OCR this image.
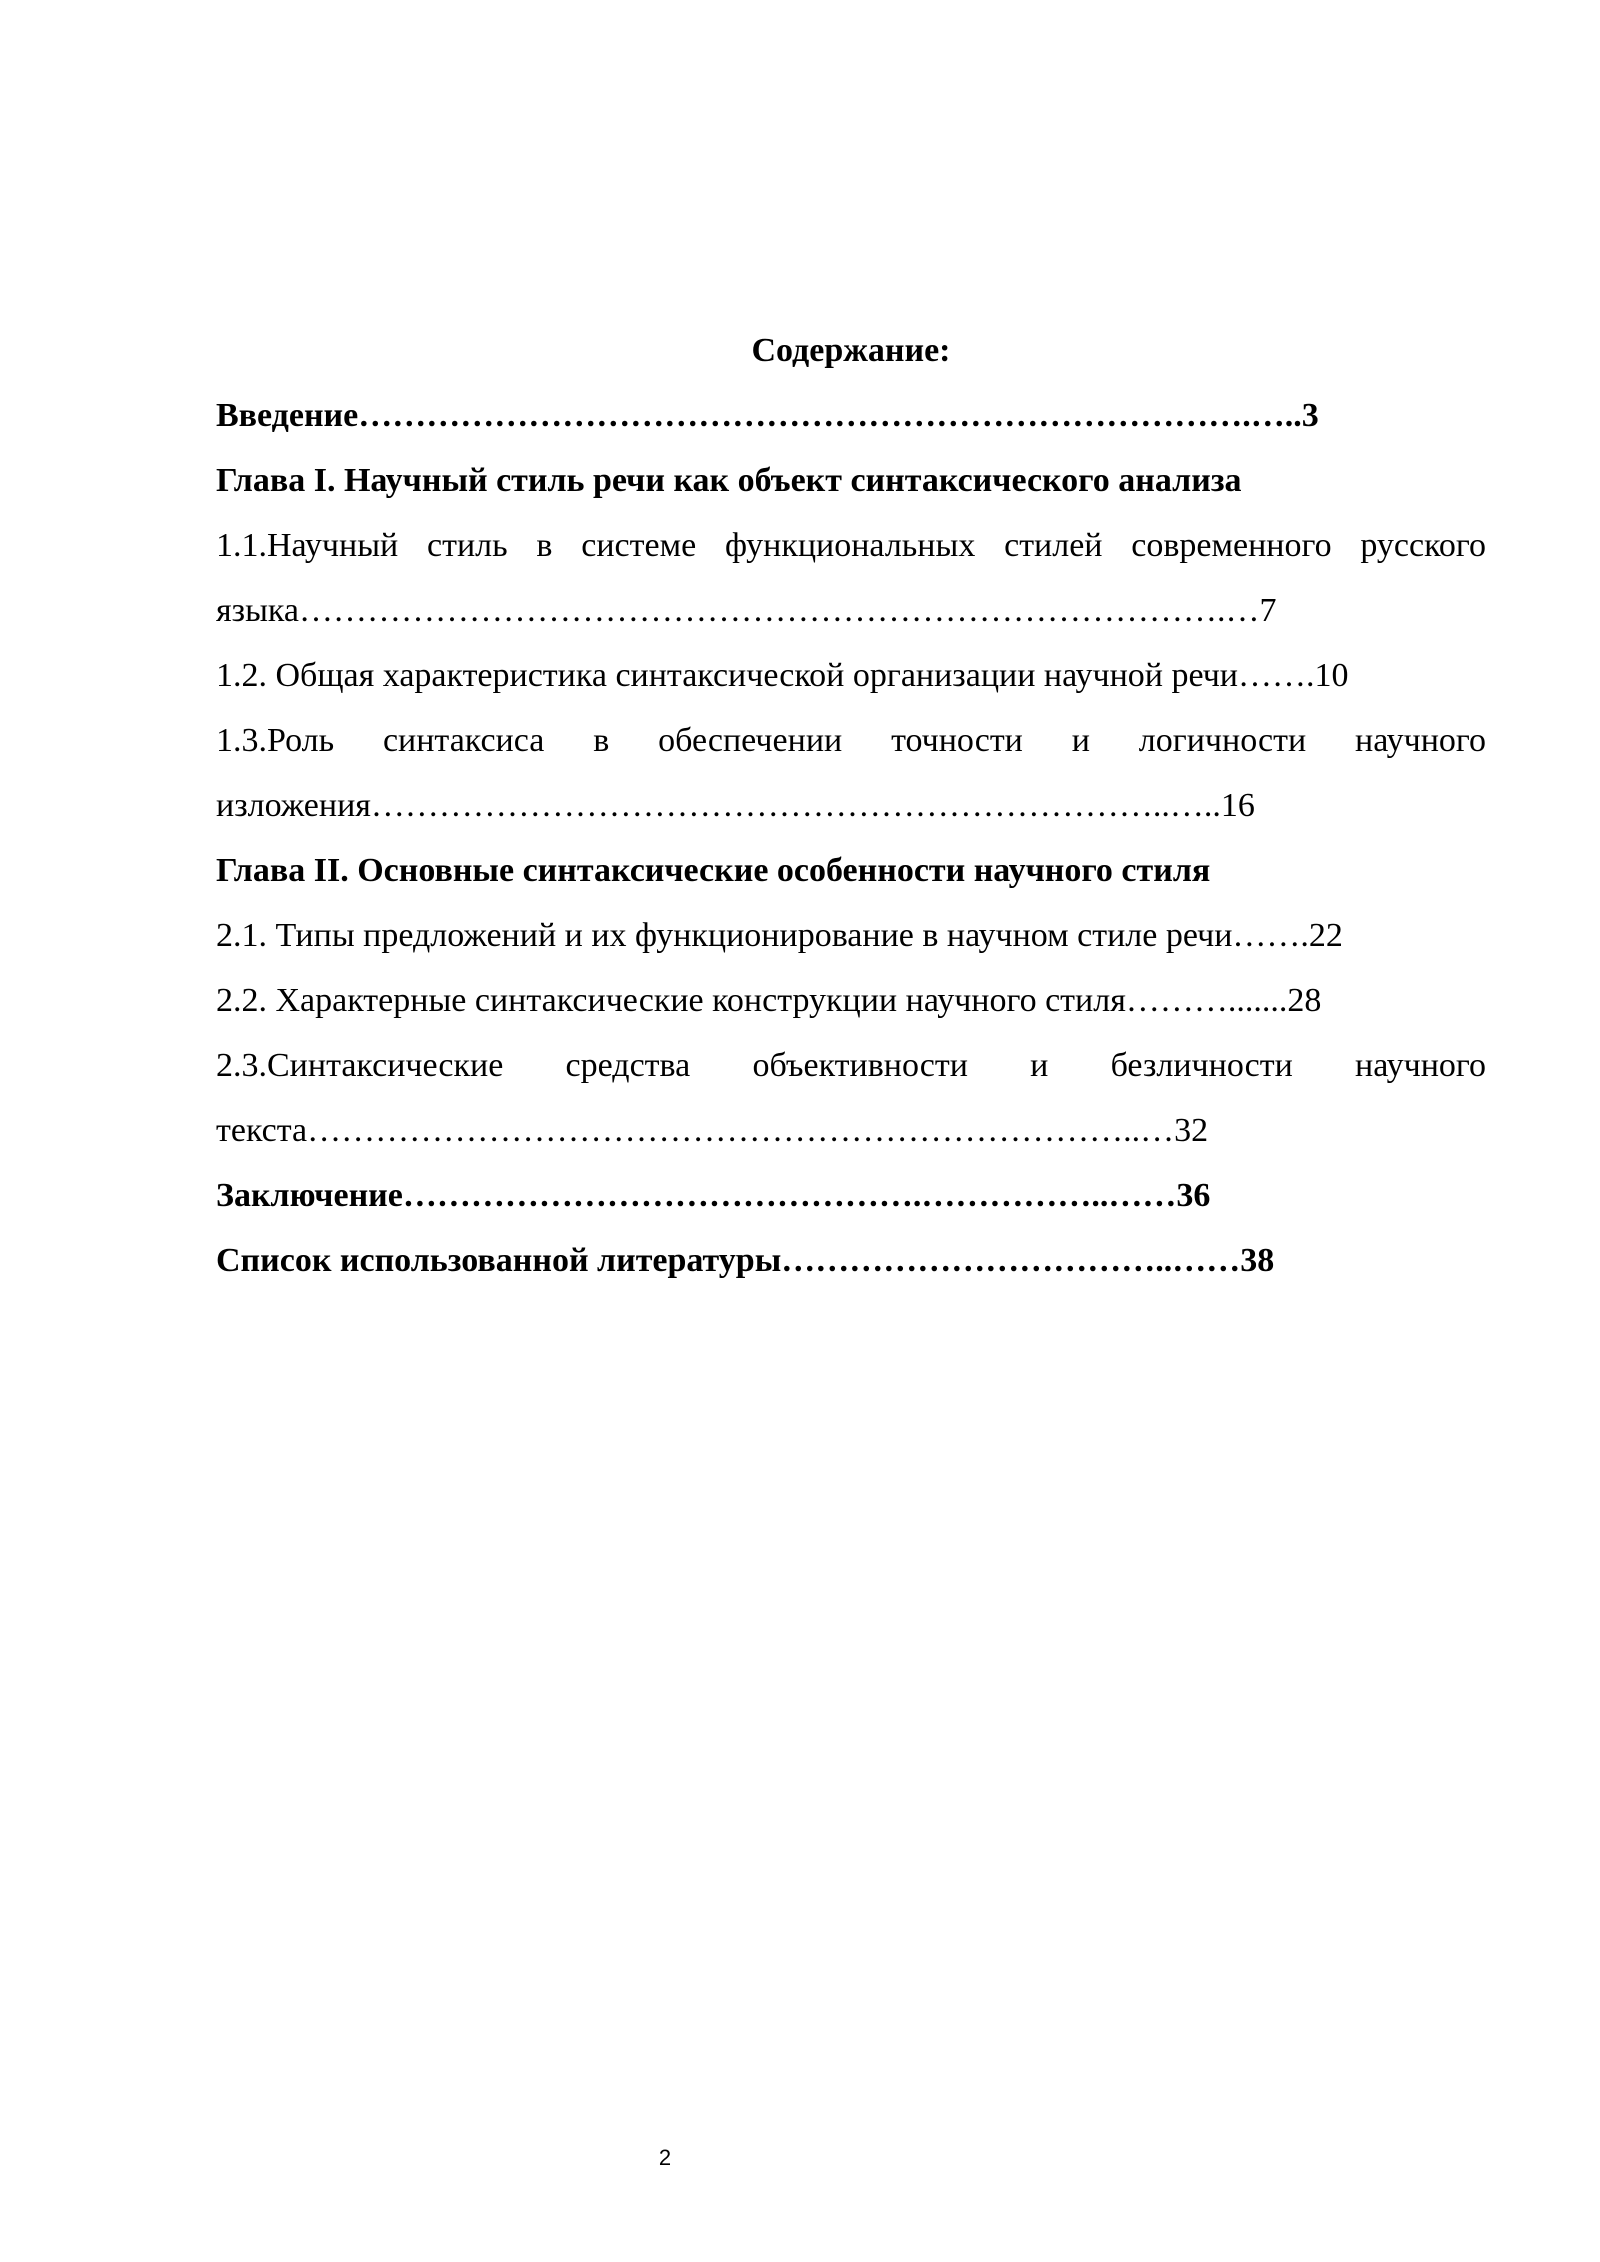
Содержание:
Введение…………………………………………………………………….…..3
Глава I. Научный стиль речи как объект синтаксического анализа
1.1.Научный стиль в системе функциональных стилей современного русского
языка……………………………………………………………………….…7
1.2. Общая характеристика синтаксической организации научной речи…….10
1.3.Роль синтаксиса в обеспечении точности и логичности научного
изложения……………………………………………………………..…..16
Глава II. Основные синтаксические особенности научного стиля
2.1. Типы предложений и их функционирование в научном стиле речи…….22
2.2. Характерные синтаксические конструкции научного стиля……….......28
2.3.Синтаксические средства объективности и безличности научного
текста………………………………………………………………..…32
Заключение……………………………………….……………..……36
Список использованной литературы……………………………..……38
2
